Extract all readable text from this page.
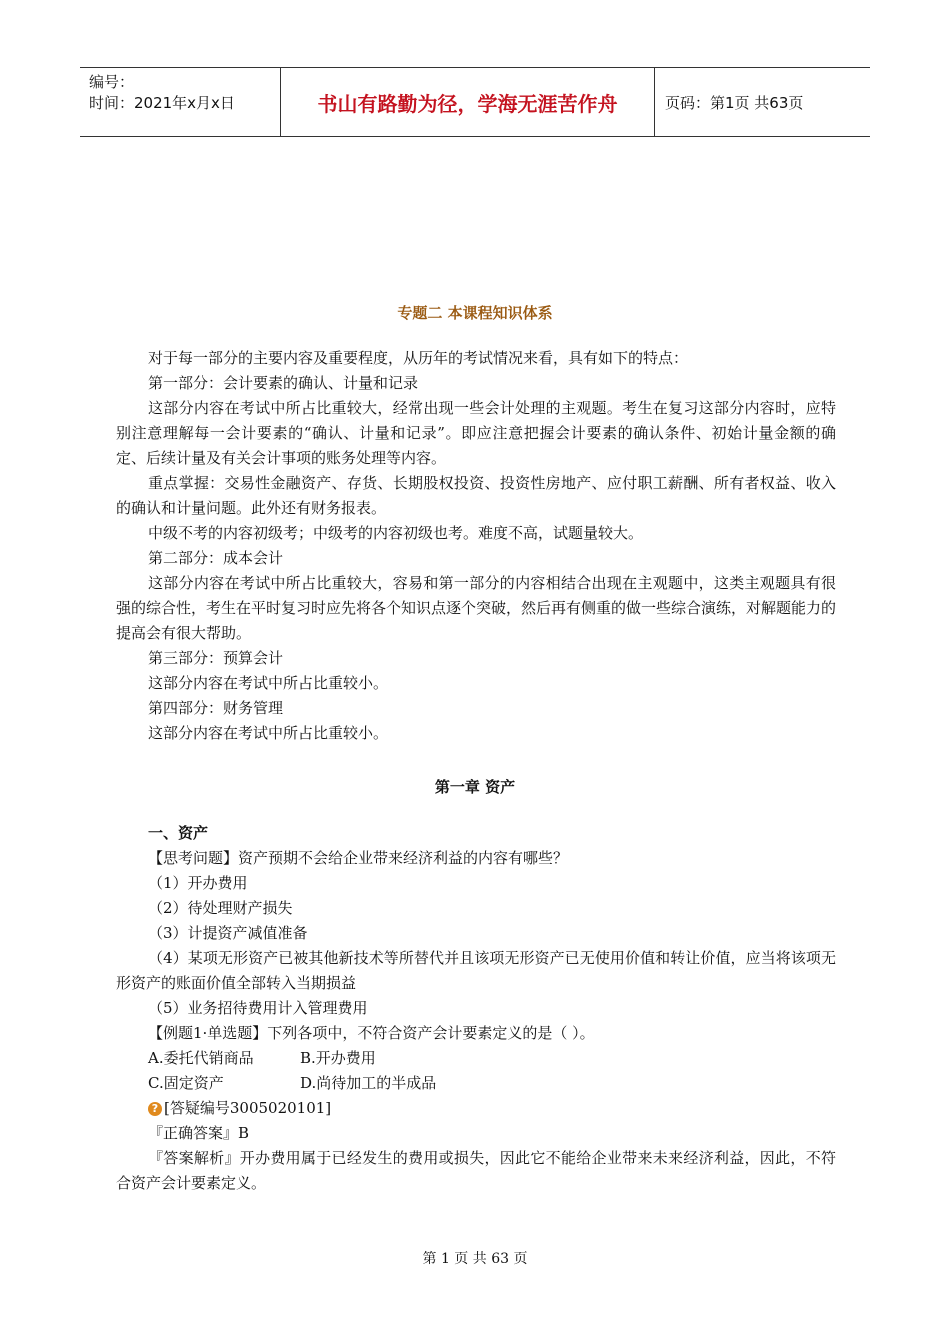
编号：
时间：2021年x月x日	书山有路勤为径，学海无涯苦作舟	页码：第1页 共63页
专题二 本课程知识体系

对于每一部分的主要内容及重要程度，从历年的考试情况来看，具有如下的特点：

第一部分：会计要素的确认、计量和记录

这部分内容在考试中所占比重较大，经常出现一些会计处理的主观题。考生在复习这部分内容时，应特别注意理解每一会计要素的“确认、计量和记录”。即应注意把握会计要素的确认条件、初始计量金额的确定、后续计量及有关会计事项的账务处理等内容。

重点掌握：交易性金融资产、存货、长期股权投资、投资性房地产、应付职工薪酬、所有者权益、收入的确认和计量问题。此外还有财务报表。

中级不考的内容初级考；中级考的内容初级也考。难度不高，试题量较大。

第二部分：成本会计

这部分内容在考试中所占比重较大，容易和第一部分的内容相结合出现在主观题中，这类主观题具有很强的综合性，考生在平时复习时应先将各个知识点逐个突破，然后再有侧重的做一些综合演练，对解题能力的提高会有很大帮助。

第三部分：预算会计

这部分内容在考试中所占比重较小。

第四部分：财务管理

这部分内容在考试中所占比重较小。

第一章 资产

一、资产

【思考问题】资产预期不会给企业带来经济利益的内容有哪些？

（1）开办费用

（2）待处理财产损失

（3）计提资产减值准备

（4）某项无形资产已被其他新技术等所替代并且该项无形资产已无使用价值和转让价值，应当将该项无形资产的账面价值全部转入当期损益

（5）业务招待费用计入管理费用

【例题1·单选题】下列各项中，不符合资产会计要素定义的是（ ）。

A.委托代销商品	B.开办费用
C.固定资产	D.尚待加工的半成品

? [答疑编号3005020101]

『正确答案』B

『答案解析』开办费用属于已经发生的费用或损失，因此它不能给企业带来未来经济利益，因此，不符合资产会计要素定义。

第 1 页 共 63 页
